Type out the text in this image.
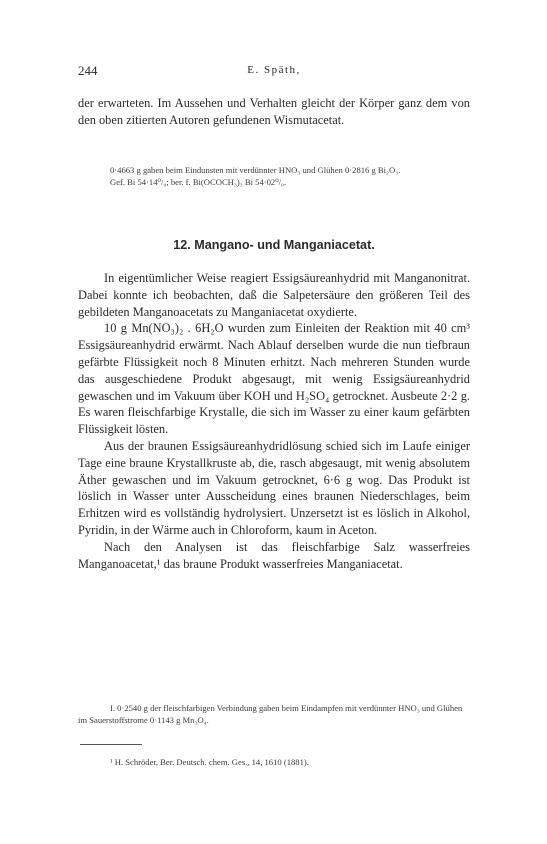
244	E. Späth,

der erwarteten. Im Aussehen und Verhalten gleicht der Körper ganz dem von den oben zitierten Autoren gefundenen Wismutacetat.

0·4663 g gaben beim Eindunsten mit verdünnter HNO₃ und Glühen 0·2816 g Bi₂O₃.

Gef. Bi 54·14⁰/₀; ber. f. Bi(OCOCH₃)₃ Bi 54·02⁰/₀.

12. Mangano- und Manganiacetat.

In eigentümlicher Weise reagiert Essigsäureanhydrid mit Manganonitrat. Dabei konnte ich beobachten, daß die Salpetersäure den größeren Teil des gebildeten Manganoacetats zu Manganiacetat oxydierte.

10 g Mn(NO₃)₂ . 6H₂O wurden zum Einleiten der Reaktion mit 40 cm³ Essigsäureanhydrid erwärmt. Nach Ablauf derselben wurde die nun tiefbraun gefärbte Flüssigkeit noch 8 Minuten erhitzt. Nach mehreren Stunden wurde das ausgeschiedene Produkt abgesaugt, mit wenig Essigsäureanhydrid gewaschen und im Vakuum über KOH und H₂SO₄ getrocknet. Ausbeute 2·2 g. Es waren fleischfarbige Krystalle, die sich im Wasser zu einer kaum gefärbten Flüssigkeit lösten.

Aus der braunen Essigsäureanhydridlösung schied sich im Laufe einiger Tage eine braune Krystallkruste ab, die, rasch abgesaugt, mit wenig absolutem Äther gewaschen und im Vakuum getrocknet, 6·6 g wog. Das Produkt ist löslich in Wasser unter Ausscheidung eines braunen Niederschlages, beim Erhitzen wird es vollständig hydrolysiert. Unzersetzt ist es löslich in Alkohol, Pyridin, in der Wärme auch in Chloroform, kaum in Aceton.

Nach den Analysen ist das fleischfarbige Salz wasserfreies Manganoacetat,¹ das braune Produkt wasserfreies Manganiacetat.

I. 0·2540 g der fleischfarbigen Verbindung gaben beim Eindampfen mit verdünnter HNO₃ und Glühen im Sauerstoffstrome 0·1143 g Mn₃O₄.

¹ H. Schröder, Ber. Deutsch. chem. Ges., 14, 1610 (1881).
